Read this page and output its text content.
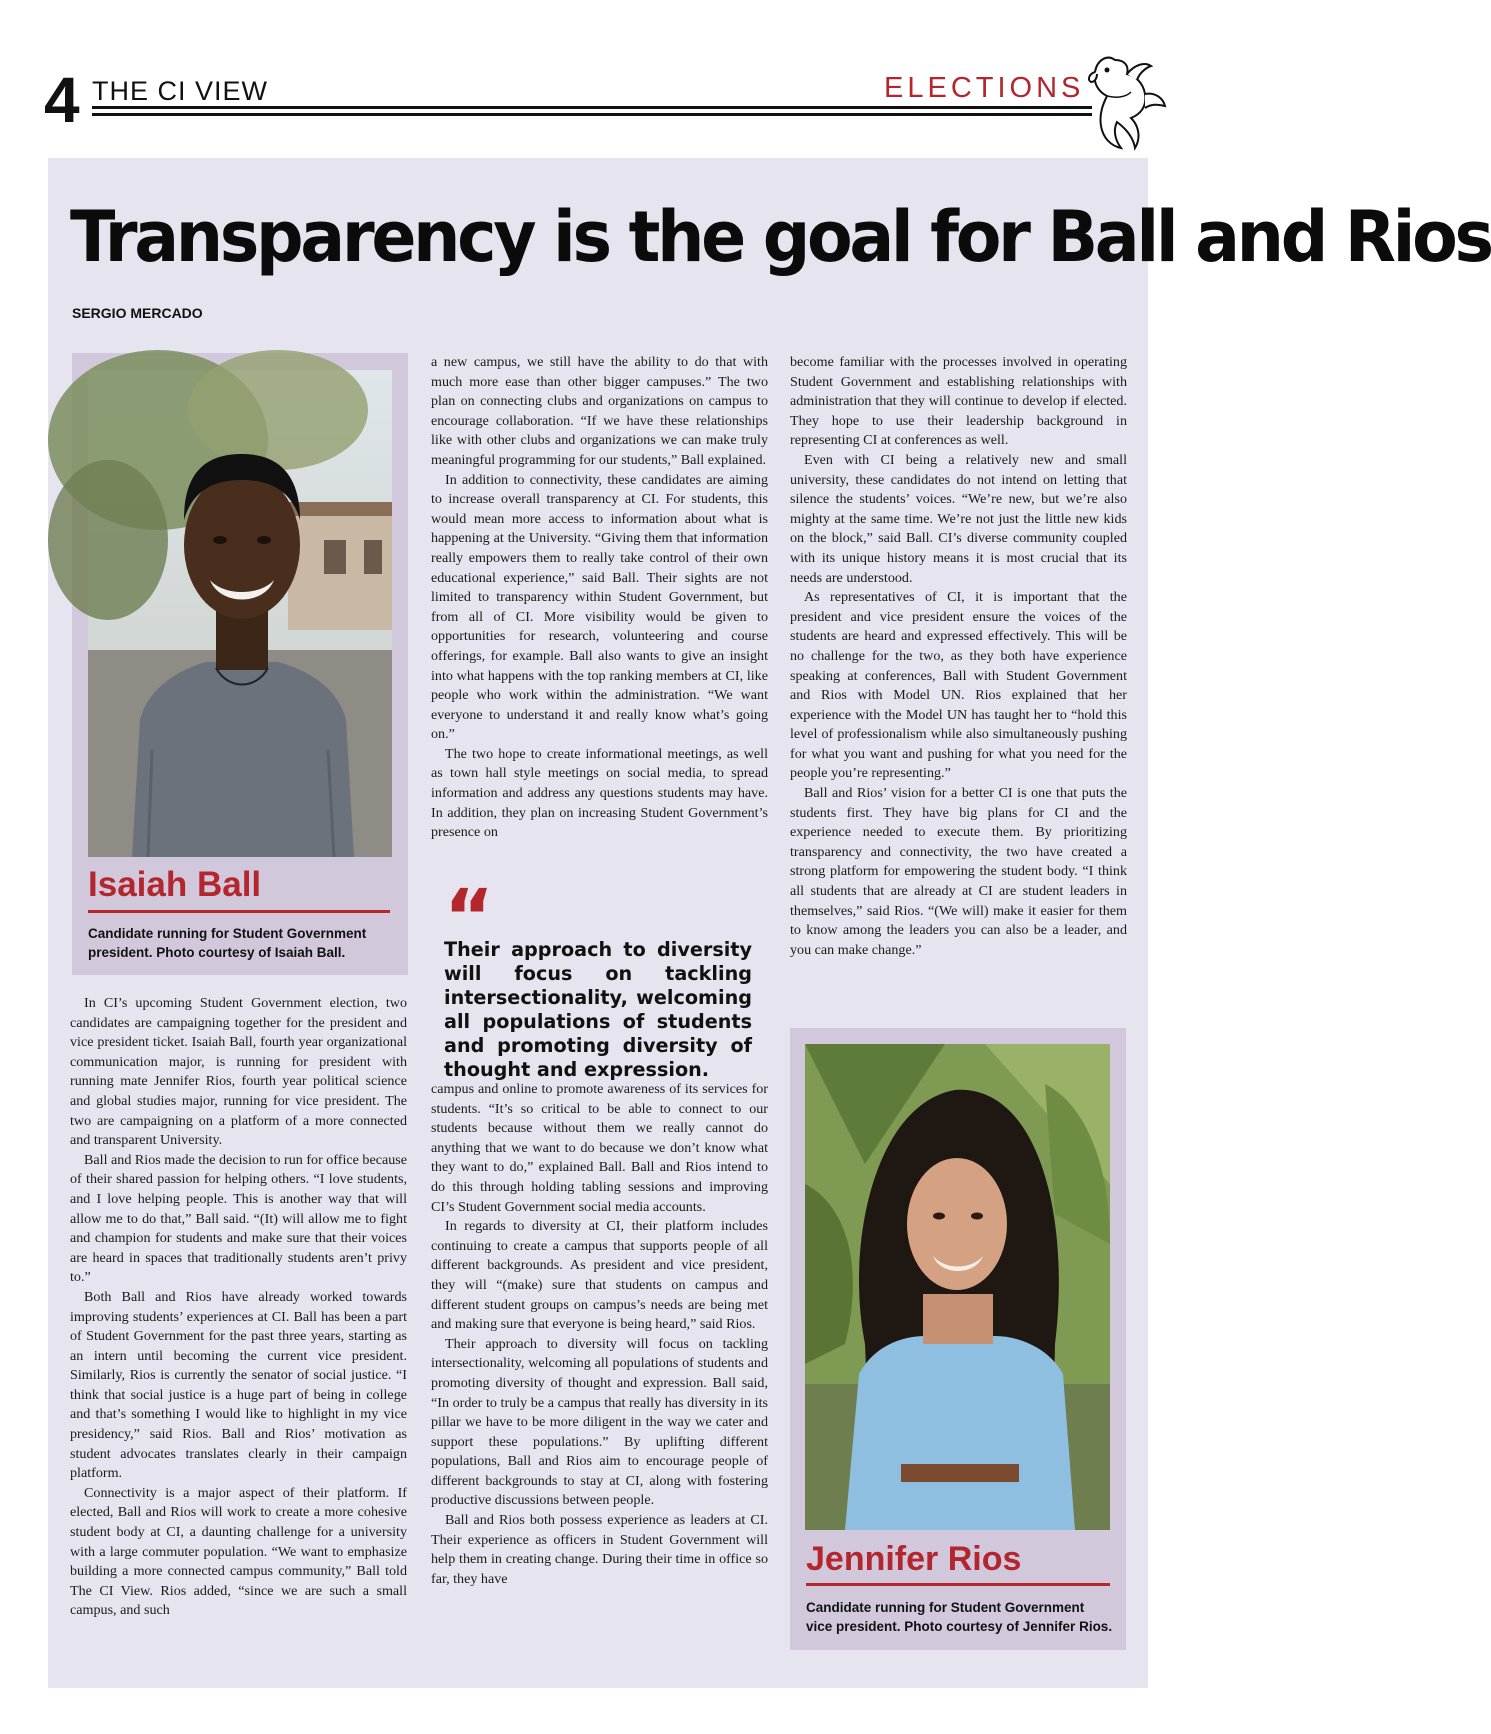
4 THE CI VIEW	ELECTIONS
Transparency is the goal for Ball and Rios
SERGIO MERCADO
Isaiah Ball
Candidate running for Student Government president. Photo courtesy of Isaiah Ball.

In CI’s upcoming Student Government election, two candidates are campaigning together for the president and vice president ticket. Isaiah Ball, fourth year organizational communication major, is running for president with running mate Jennifer Rios, fourth year political science and global studies major, running for vice president. The two are campaigning on a platform of a more connected and transparent University.

Ball and Rios made the decision to run for office because of their shared passion for helping others. “I love students, and I love helping people. This is another way that will allow me to do that,” Ball said. “(It) will allow me to fight and champion for students and make sure that their voices are heard in spaces that traditionally students aren’t privy to.”

Both Ball and Rios have already worked towards improving students’ experiences at CI. Ball has been a part of Student Government for the past three years, starting as an intern until becoming the current vice president. Similarly, Rios is currently the senator of social justice. “I think that social justice is a huge part of being in college and that’s something I would like to highlight in my vice presidency,” said Rios. Ball and Rios’ motivation as student advocates translates clearly in their campaign platform.

Connectivity is a major aspect of their platform. If elected, Ball and Rios will work to create a more cohesive student body at CI, a daunting challenge for a university with a large commuter population. “We want to emphasize building a more connected campus community,” Ball told The CI View. Rios added, “since we are such a small campus, and such

a new campus, we still have the ability to do that with much more ease than other bigger campuses.” The two plan on connecting clubs and organizations on campus to encourage collaboration. “If we have these relationships like with other clubs and organizations we can make truly meaningful programming for our students,” Ball explained.

In addition to connectivity, these candidates are aiming to increase overall transparency at CI. For students, this would mean more access to information about what is happening at the University. “Giving them that information really empowers them to really take control of their own educational experience,” said Ball. Their sights are not limited to transparency within Student Government, but from all of CI. More visibility would be given to opportunities for research, volunteering and course offerings, for example. Ball also wants to give an insight into what happens with the top ranking members at CI, like people who work within the administration. “We want everyone to understand it and really know what’s going on.”

The two hope to create informational meetings, as well as town hall style meetings on social media, to spread information and address any questions students may have. In addition, they plan on increasing Student Government’s presence on

“
Their approach to diversity will focus on tackling intersectionality, welcoming all populations of students and promoting diversity of thought and expression.

campus and online to promote awareness of its services for students. “It’s so critical to be able to connect to our students because without them we really cannot do anything that we want to do because we don’t know what they want to do,” explained Ball. Ball and Rios intend to do this through holding tabling sessions and improving CI’s Student Government social media accounts.

In regards to diversity at CI, their platform includes continuing to create a campus that supports people of all different backgrounds. As president and vice president, they will “(make) sure that students on campus and different student groups on campus’s needs are being met and making sure that everyone is being heard,” said Rios.

Their approach to diversity will focus on tackling intersectionality, welcoming all populations of students and promoting diversity of thought and expression. Ball said, “In order to truly be a campus that really has diversity in its pillar we have to be more diligent in the way we cater and support these populations.” By uplifting different populations, Ball and Rios aim to encourage people of different backgrounds to stay at CI, along with fostering productive discussions between people.

Ball and Rios both possess experience as leaders at CI. Their experience as officers in Student Government will help them in creating change. During their time in office so far, they have

become familiar with the processes involved in operating Student Government and establishing relationships with administration that they will continue to develop if elected. They hope to use their leadership background in representing CI at conferences as well.

Even with CI being a relatively new and small university, these candidates do not intend on letting that silence the students’ voices. “We’re new, but we’re also mighty at the same time. We’re not just the little new kids on the block,” said Ball. CI’s diverse community coupled with its unique history means it is most crucial that its needs are understood.

As representatives of CI, it is important that the president and vice president ensure the voices of the students are heard and expressed effectively. This will be no challenge for the two, as they both have experience speaking at conferences, Ball with Student Government and Rios with Model UN. Rios explained that her experience with the Model UN has taught her to “hold this level of professionalism while also simultaneously pushing for what you want and pushing for what you need for the people you’re representing.”

Ball and Rios’ vision for a better CI is one that puts the students first. They have big plans for CI and the experience needed to execute them. By prioritizing transparency and connectivity, the two have created a strong platform for empowering the student body. “I think all students that are already at CI are student leaders in themselves,” said Rios. “(We will) make it easier for them to know among the leaders you can also be a leader, and you can make change.”

Jennifer Rios
Candidate running for Student Government vice president. Photo courtesy of Jennifer Rios.
